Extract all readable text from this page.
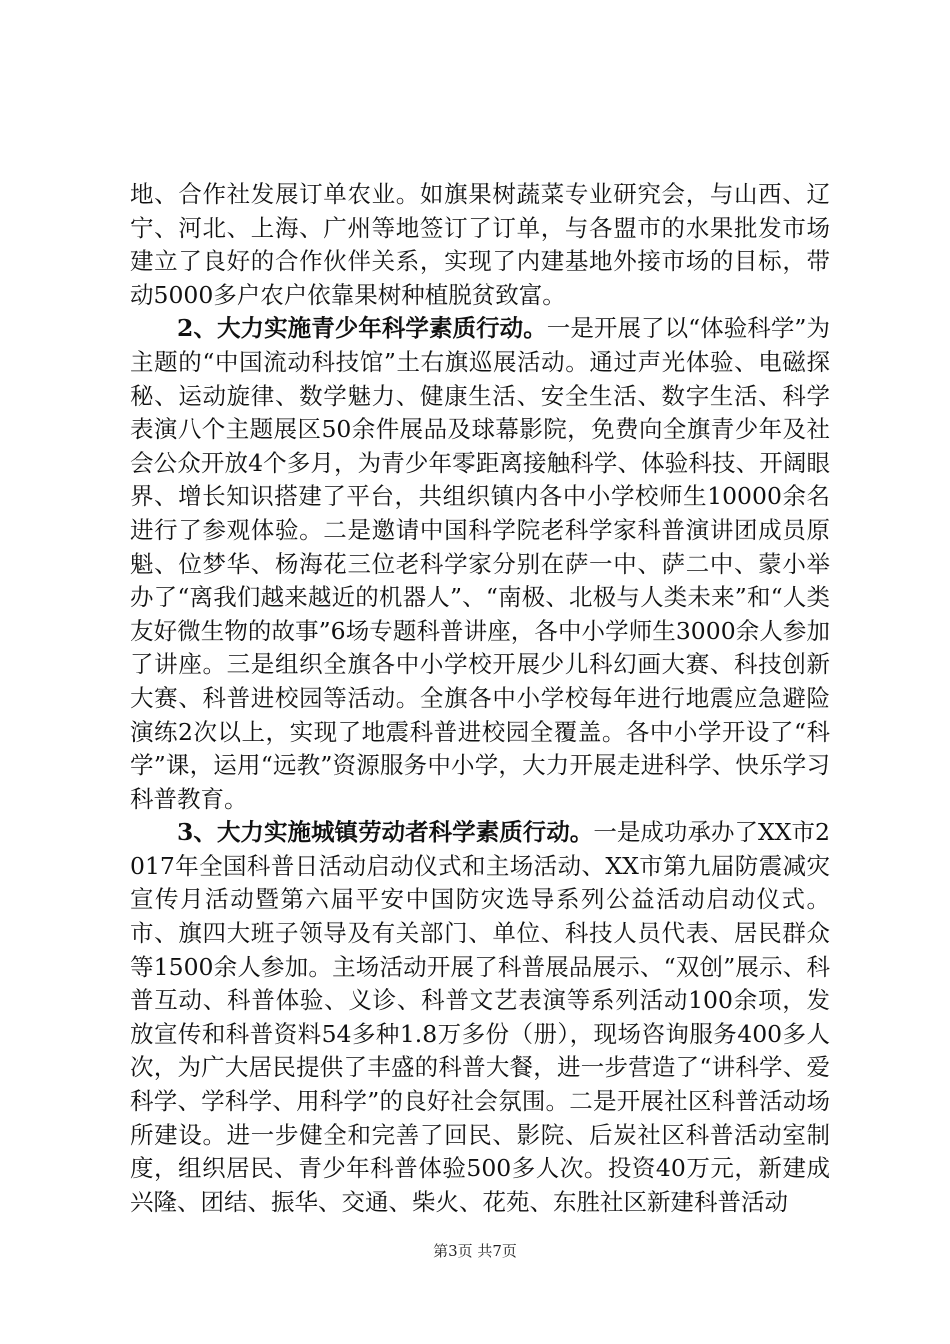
地、合作社发展订单农业。如旗果树蔬菜专业研究会，与山西、辽宁、河北、上海、广州等地签订了订单，与各盟市的水果批发市场建立了良好的合作伙伴关系，实现了内建基地外接市场的目标，带动5000多户农户依靠果树种植脱贫致富。

2、大力实施青少年科学素质行动。一是开展了以“体验科学”为主题的“中国流动科技馆”土右旗巡展活动。通过声光体验、电磁探秘、运动旋律、数学魅力、健康生活、安全生活、数字生活、科学表演八个主题展区50余件展品及球幕影院，免费向全旗青少年及社会公众开放4个多月，为青少年零距离接触科学、体验科技、开阔眼界、增长知识搭建了平台，共组织镇内各中小学校师生10000余名进行了参观体验。二是邀请中国科学院老科学家科普演讲团成员原魁、位梦华、杨海花三位老科学家分别在萨一中、萨二中、蒙小举办了“离我们越来越近的机器人”、“南极、北极与人类未来”和“人类友好微生物的故事”6场专题科普讲座，各中小学师生3000余人参加了讲座。三是组织全旗各中小学校开展少儿科幻画大赛、科技创新大赛、科普进校园等活动。全旗各中小学校每年进行地震应急避险演练2次以上，实现了地震科普进校园全覆盖。各中小学开设了“科学”课，运用“远教”资源服务中小学，大力开展走进科学、快乐学习科普教育。

3、大力实施城镇劳动者科学素质行动。一是成功承办了XX市2017年全国科普日活动启动仪式和主场活动、XX市第九届防震减灾宣传月活动暨第六届平安中国防灾选导系列公益活动启动仪式。市、旗四大班子领导及有关部门、单位、科技人员代表、居民群众等1500余人参加。主场活动开展了科普展品展示、“双创”展示、科普互动、科普体验、义诊、科普文艺表演等系列活动100余项，发放宣传和科普资料54多种1.8万多份（册），现场咨询服务400多人次，为广大居民提供了丰盛的科普大餐，进一步营造了“讲科学、爱科学、学科学、用科学”的良好社会氛围。二是开展社区科普活动场所建设。进一步健全和完善了回民、影院、后炭社区科普活动室制度，组织居民、青少年科普体验500多人次。投资40万元，新建成兴隆、团结、振华、交通、柴火、花苑、东胜社区新建科普活动

第3页 共7页
